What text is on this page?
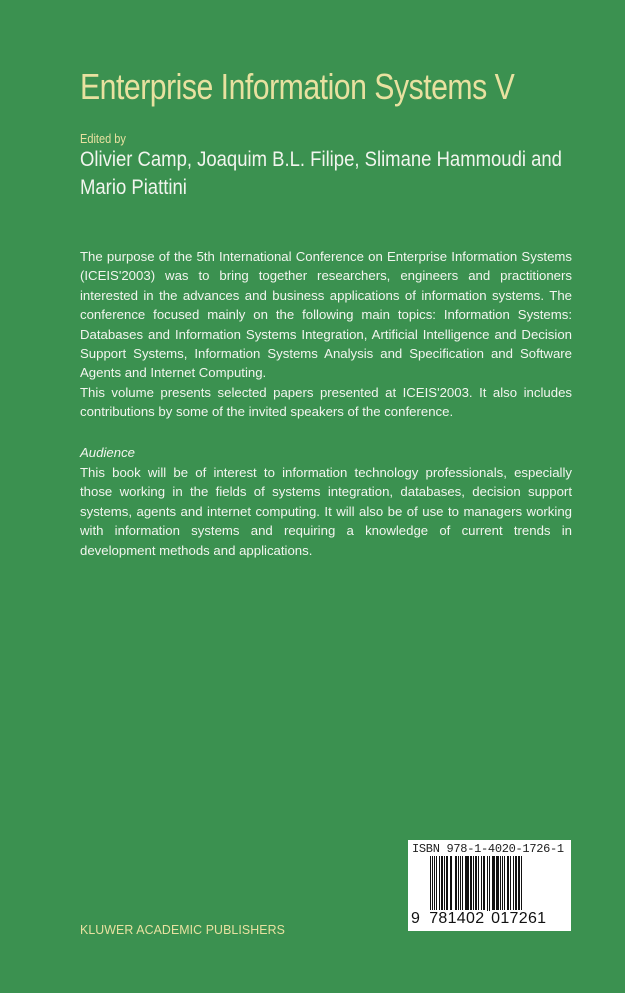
Enterprise Information Systems V
Edited by
Olivier Camp, Joaquim B.L. Filipe, Slimane Hammoudi and
Mario Piattini
The purpose of the 5th International Conference on Enterprise Information Systems (ICEIS'2003) was to bring together researchers, engineers and practitioners interested in the advances and business applications of information systems. The conference focused mainly on the following main topics: Information Systems: Databases and Information Systems Integration, Artificial Intelligence and Decision Support Systems, Information Systems Analysis and Specification and Software Agents and Internet Computing.
This volume presents selected papers presented at ICEIS'2003. It also includes contributions by some of the invited speakers of the conference.
Audience
This book will be of interest to information technology professionals, especially those working in the fields of systems integration, databases, decision support systems, agents and internet computing. It will also be of use to managers working with information systems and requiring a knowledge of current trends in development methods and applications.
ISBN 978-1-4020-1726-1
9 781402 017261
KLUWER ACADEMIC PUBLISHERS
